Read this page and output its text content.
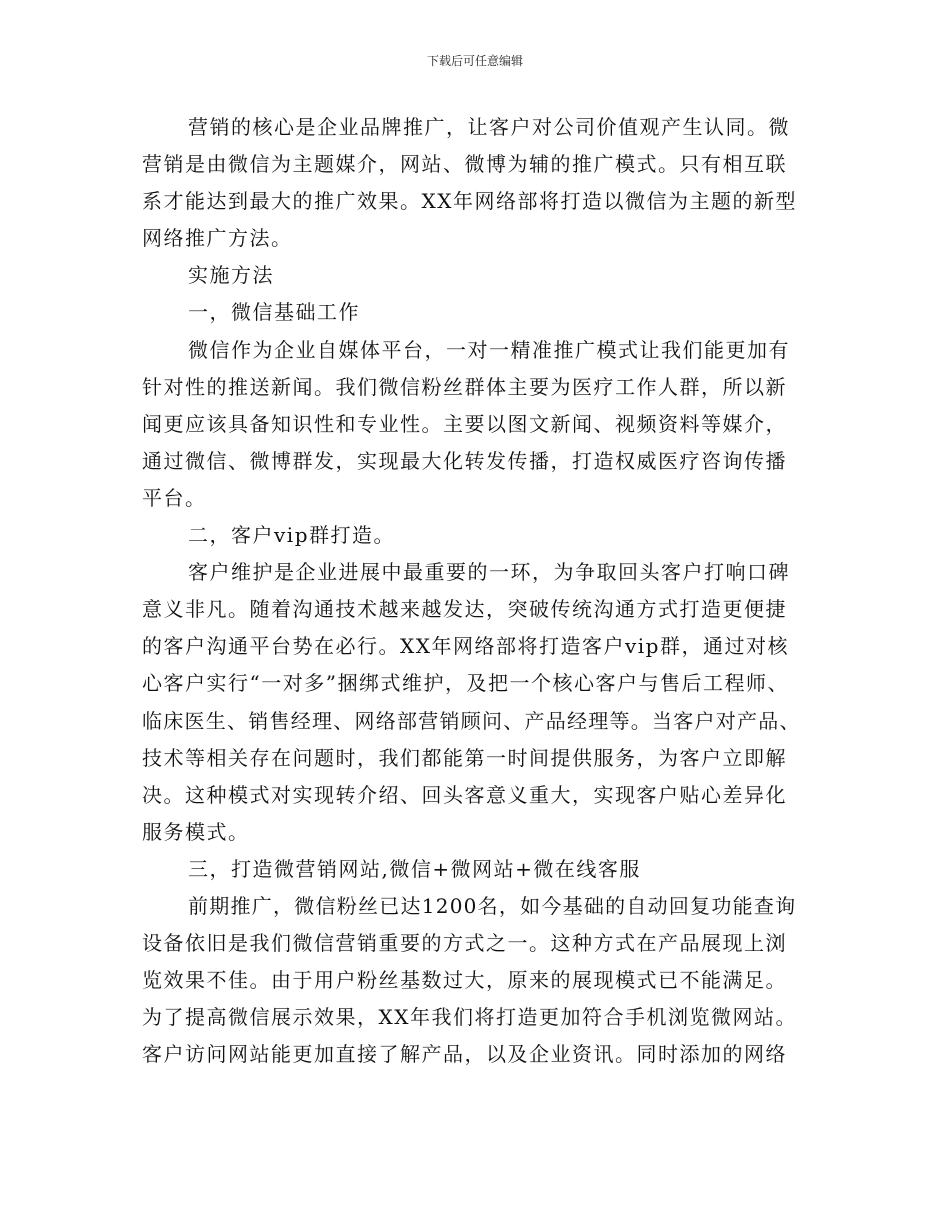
下载后可任意编辑
营销的核心是企业品牌推广，让客户对公司价值观产生认同。微
营销是由微信为主题媒介，网站、微博为辅的推广模式。只有相互联
系才能达到最大的推广效果。XX年网络部将打造以微信为主题的新型
网络推广方法。
实施方法
一，微信基础工作
微信作为企业自媒体平台，一对一精准推广模式让我们能更加有
针对性的推送新闻。我们微信粉丝群体主要为医疗工作人群，所以新
闻更应该具备知识性和专业性。主要以图文新闻、视频资料等媒介，
通过微信、微博群发，实现最大化转发传播，打造权威医疗咨询传播
平台。
二，客户vip群打造。
客户维护是企业进展中最重要的一环，为争取回头客户打响口碑
意义非凡。随着沟通技术越来越发达，突破传统沟通方式打造更便捷
的客户沟通平台势在必行。XX年网络部将打造客户vip群，通过对核
心客户实行“一对多”捆绑式维护，及把一个核心客户与售后工程师、
临床医生、销售经理、网络部营销顾问、产品经理等。当客户对产品、
技术等相关存在问题时，我们都能第一时间提供服务，为客户立即解
决。这种模式对实现转介绍、回头客意义重大，实现客户贴心差异化
服务模式。
三，打造微营销网站,微信+微网站+微在线客服
前期推广，微信粉丝已达1200名，如今基础的自动回复功能查询
设备依旧是我们微信营销重要的方式之一。这种方式在产品展现上浏
览效果不佳。由于用户粉丝基数过大，原来的展现模式已不能满足。
为了提高微信展示效果，XX年我们将打造更加符合手机浏览微网站。
客户访问网站能更加直接了解产品，以及企业资讯。同时添加的网络
